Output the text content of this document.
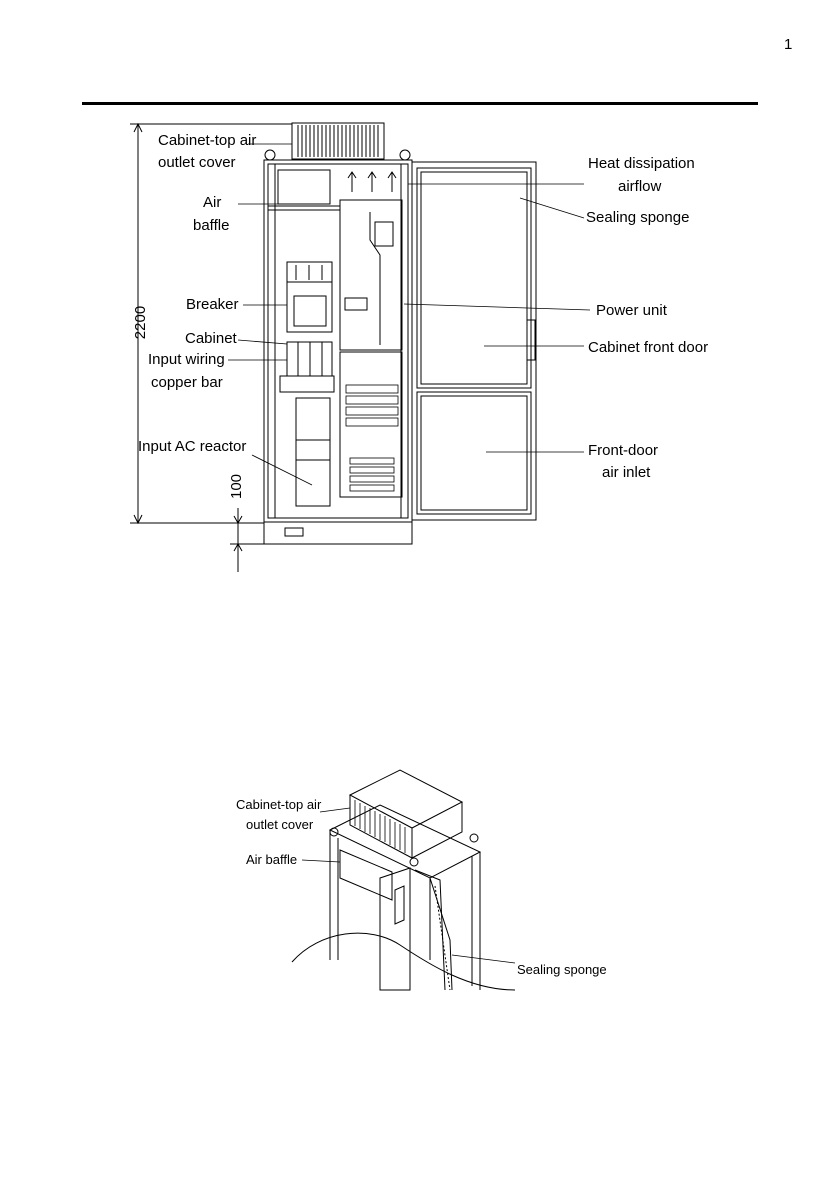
1
Cabinet-top air
outlet cover
Air
baffle
Breaker
Cabinet
Input wiring
copper bar
Input AC reactor
Heat dissipation
airflow
Sealing sponge
Power unit
Cabinet front door
Front-door
air inlet
2200
100
Cabinet-top air
outlet cover
Air baffle
Sealing sponge
